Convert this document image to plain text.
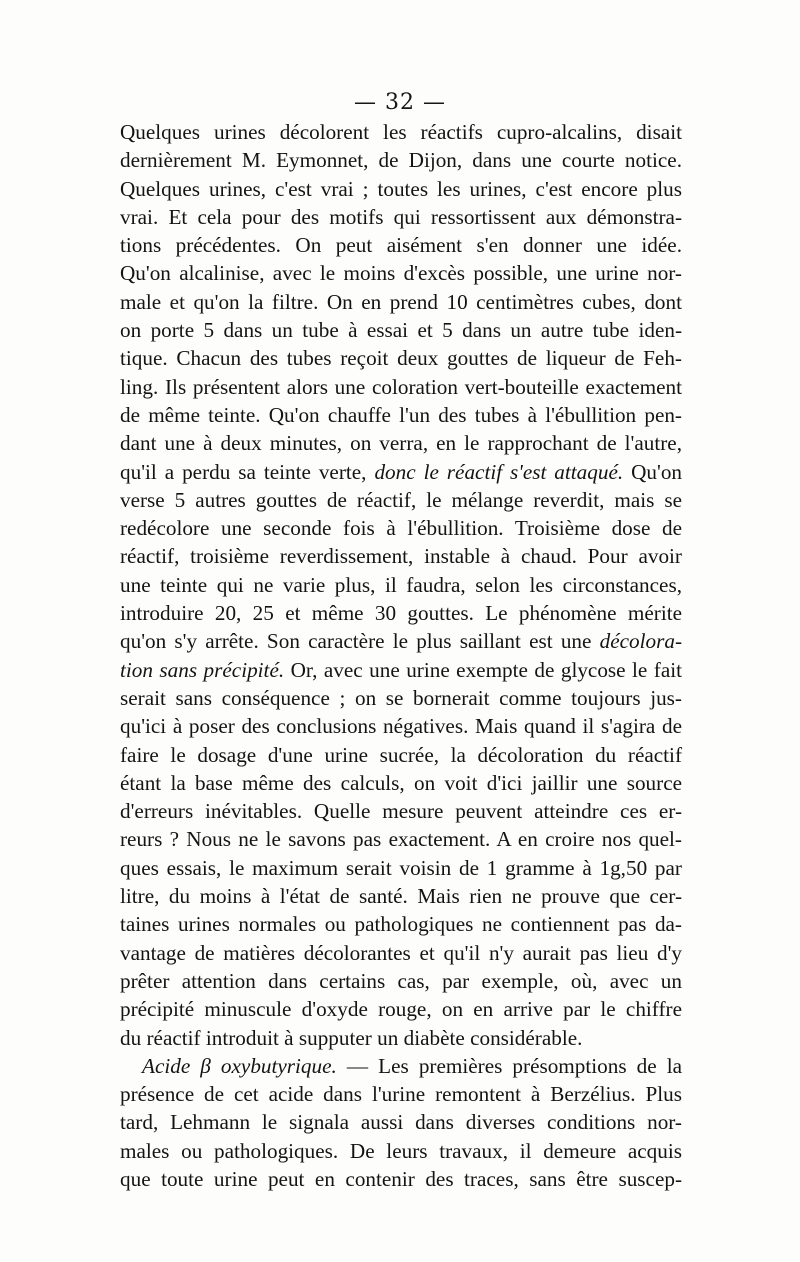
— 32 —
Quelques urines décolorent les réactifs cupro-alcalins, disait
dernièrement M. Eymonnet, de Dijon, dans une courte notice.
Quelques urines, c'est vrai ; toutes les urines, c'est encore plus
vrai. Et cela pour des motifs qui ressortissent aux démonstra-
tions précédentes. On peut aisément s'en donner une idée.
Qu'on alcalinise, avec le moins d'excès possible, une urine nor-
male et qu'on la filtre. On en prend 10 centimètres cubes, dont
on porte 5 dans un tube à essai et 5 dans un autre tube iden-
tique. Chacun des tubes reçoit deux gouttes de liqueur de Feh-
ling. Ils présentent alors une coloration vert-bouteille exactement
de même teinte. Qu'on chauffe l'un des tubes à l'ébullition pen-
dant une à deux minutes, on verra, en le rapprochant de l'autre,
qu'il a perdu sa teinte verte, donc le réactif s'est attaqué. Qu'on
verse 5 autres gouttes de réactif, le mélange reverdit, mais se
redécolore une seconde fois à l'ébullition. Troisième dose de
réactif, troisième reverdissement, instable à chaud. Pour avoir
une teinte qui ne varie plus, il faudra, selon les circonstances,
introduire 20, 25 et même 30 gouttes. Le phénomène mérite
qu'on s'y arrête. Son caractère le plus saillant est une décolora-
tion sans précipité. Or, avec une urine exempte de glycose le fait
serait sans conséquence ; on se bornerait comme toujours jus-
qu'ici à poser des conclusions négatives. Mais quand il s'agira de
faire le dosage d'une urine sucrée, la décoloration du réactif
étant la base même des calculs, on voit d'ici jaillir une source
d'erreurs inévitables. Quelle mesure peuvent atteindre ces er-
reurs ? Nous ne le savons pas exactement. A en croire nos quel-
ques essais, le maximum serait voisin de 1 gramme à 1g,50 par
litre, du moins à l'état de santé. Mais rien ne prouve que cer-
taines urines normales ou pathologiques ne contiennent pas da-
vantage de matières décolorantes et qu'il n'y aurait pas lieu d'y
prêter attention dans certains cas, par exemple, où, avec un
précipité minuscule d'oxyde rouge, on en arrive par le chiffre
du réactif introduit à supputer un diabète considérable.
Acide β oxybutyrique. — Les premières présomptions de la
présence de cet acide dans l'urine remontent à Berzélius. Plus
tard, Lehmann le signala aussi dans diverses conditions nor-
males ou pathologiques. De leurs travaux, il demeure acquis
que toute urine peut en contenir des traces, sans être suscep-
